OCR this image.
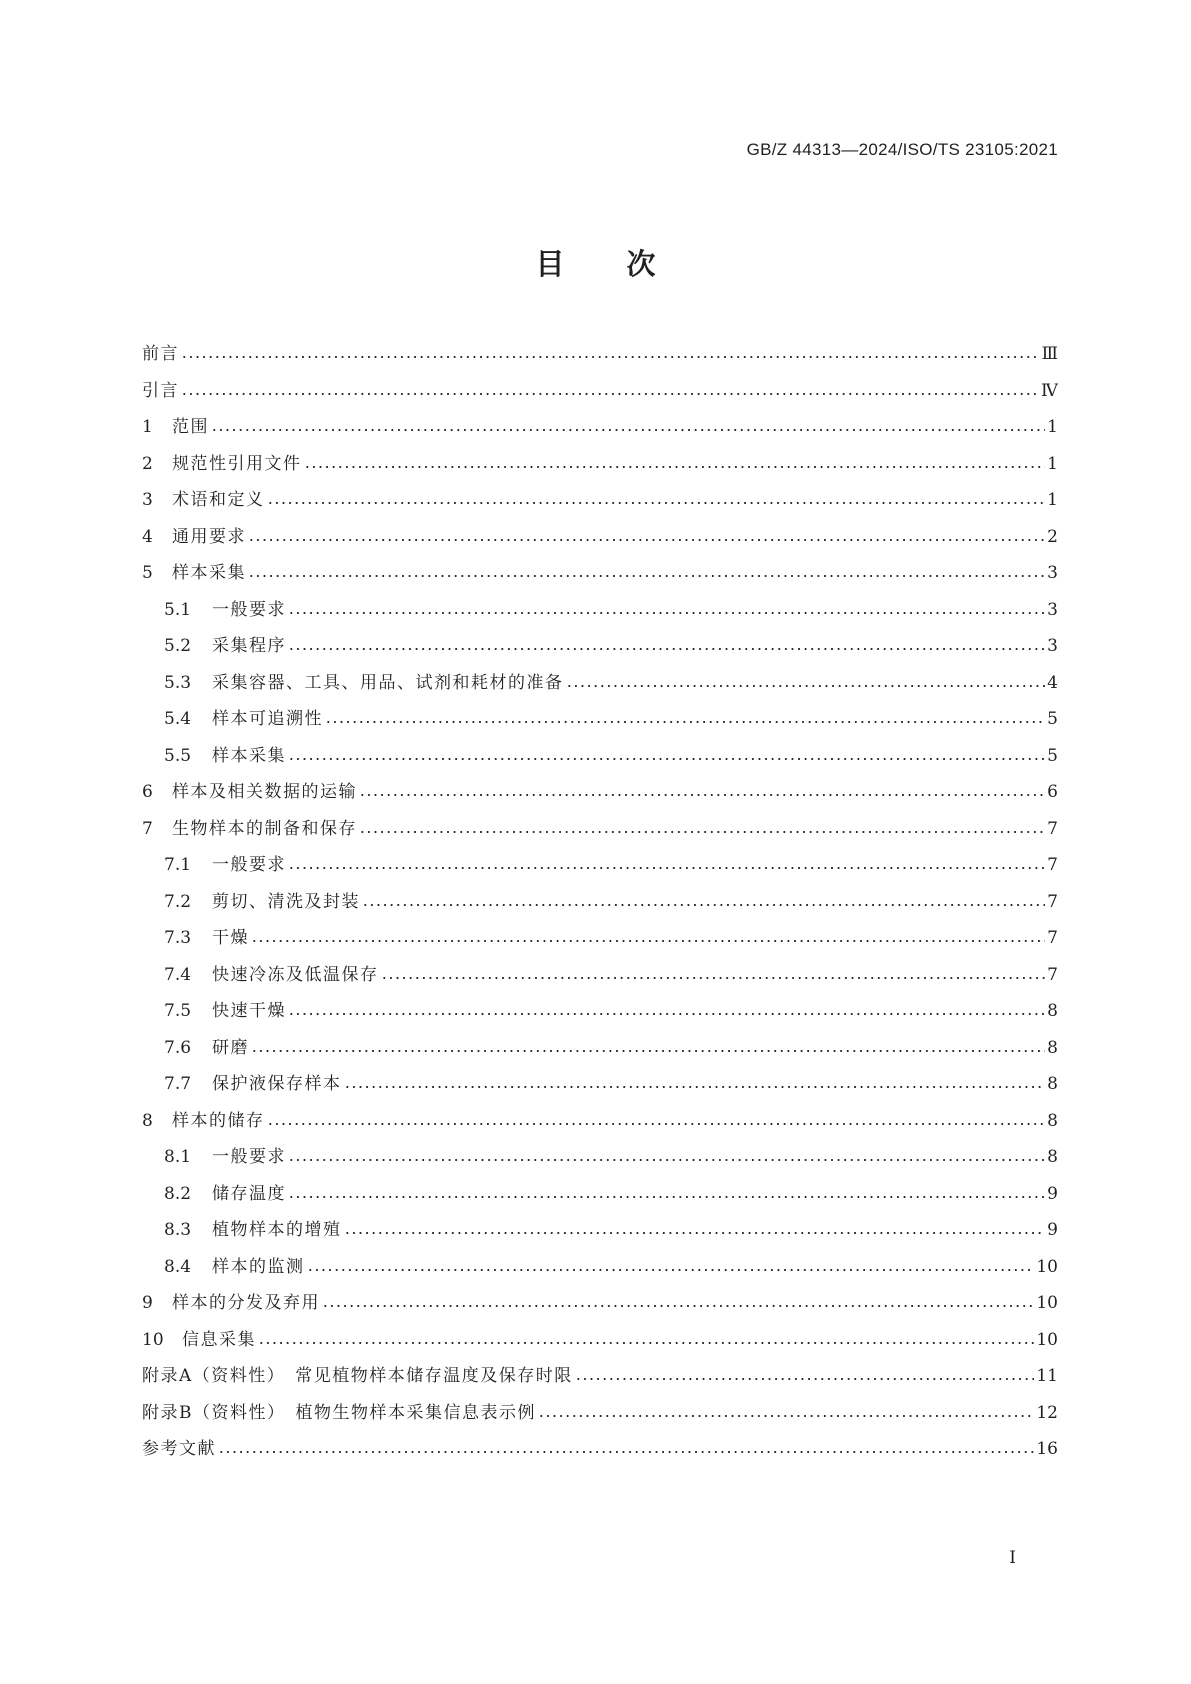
GB/Z 44313—2024/ISO/TS 23105:2021
目次
前言	Ⅲ
引言	Ⅳ
1	范围	1
2	规范性引用文件	1
3	术语和定义	1
4	通用要求	2
5	样本采集	3
5.1	一般要求	3
5.2	采集程序	3
5.3	采集容器、工具、用品、试剂和耗材的准备	4
5.4	样本可追溯性	5
5.5	样本采集	5
6	样本及相关数据的运输	6
7	生物样本的制备和保存	7
7.1	一般要求	7
7.2	剪切、清洗及封装	7
7.3	干燥	7
7.4	快速冷冻及低温保存	7
7.5	快速干燥	8
7.6	研磨	8
7.7	保护液保存样本	8
8	样本的储存	8
8.1	一般要求	8
8.2	储存温度	9
8.3	植物样本的增殖	9
8.4	样本的监测	10
9	样本的分发及弃用	10
10	信息采集	10
附录A（资料性）　常见植物样本储存温度及保存时限	11
附录B（资料性）　植物生物样本采集信息表示例	12
参考文献	16
Ⅰ
